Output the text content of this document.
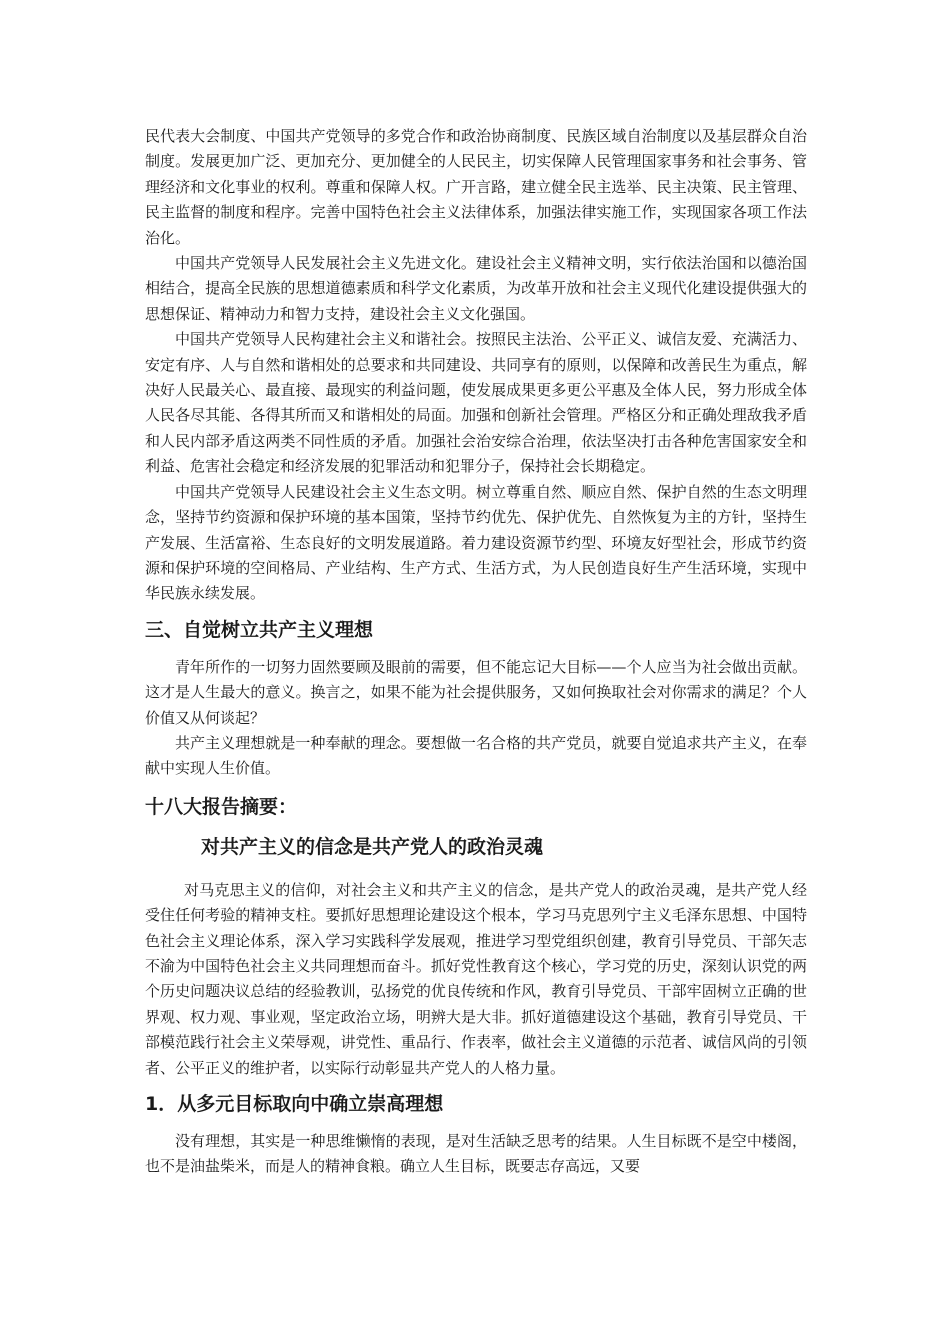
民代表大会制度、中国共产党领导的多党合作和政治协商制度、民族区域自治制度以及基层群众自治制度。发展更加广泛、更加充分、更加健全的人民民主，切实保障人民管理国家事务和社会事务、管理经济和文化事业的权利。尊重和保障人权。广开言路，建立健全民主选举、民主决策、民主管理、民主监督的制度和程序。完善中国特色社会主义法律体系，加强法律实施工作，实现国家各项工作法治化。

中国共产党领导人民发展社会主义先进文化。建设社会主义精神文明，实行依法治国和以德治国相结合，提高全民族的思想道德素质和科学文化素质，为改革开放和社会主义现代化建设提供强大的思想保证、精神动力和智力支持，建设社会主义文化强国。

中国共产党领导人民构建社会主义和谐社会。按照民主法治、公平正义、诚信友爱、充满活力、安定有序、人与自然和谐相处的总要求和共同建设、共同享有的原则，以保障和改善民生为重点，解决好人民最关心、最直接、最现实的利益问题，使发展成果更多更公平惠及全体人民，努力形成全体人民各尽其能、各得其所而又和谐相处的局面。加强和创新社会管理。严格区分和正确处理敌我矛盾和人民内部矛盾这两类不同性质的矛盾。加强社会治安综合治理，依法坚决打击各种危害国家安全和利益、危害社会稳定和经济发展的犯罪活动和犯罪分子，保持社会长期稳定。

中国共产党领导人民建设社会主义生态文明。树立尊重自然、顺应自然、保护自然的生态文明理念，坚持节约资源和保护环境的基本国策，坚持节约优先、保护优先、自然恢复为主的方针，坚持生产发展、生活富裕、生态良好的文明发展道路。着力建设资源节约型、环境友好型社会，形成节约资源和保护环境的空间格局、产业结构、生产方式、生活方式，为人民创造良好生产生活环境，实现中华民族永续发展。

三、自觉树立共产主义理想

青年所作的一切努力固然要顾及眼前的需要，但不能忘记大目标——个人应当为社会做出贡献。这才是人生最大的意义。换言之，如果不能为社会提供服务，又如何换取社会对你需求的满足？个人价值又从何谈起？

共产主义理想就是一种奉献的理念。要想做一名合格的共产党员，就要自觉追求共产主义，在奉献中实现人生价值。

十八大报告摘要：
对共产主义的信念是共产党人的政治灵魂

对马克思主义的信仰，对社会主义和共产主义的信念，是共产党人的政治灵魂，是共产党人经受住任何考验的精神支柱。要抓好思想理论建设这个根本，学习马克思列宁主义毛泽东思想、中国特色社会主义理论体系，深入学习实践科学发展观，推进学习型党组织创建，教育引导党员、干部矢志不渝为中国特色社会主义共同理想而奋斗。抓好党性教育这个核心，学习党的历史，深刻认识党的两个历史问题决议总结的经验教训，弘扬党的优良传统和作风，教育引导党员、干部牢固树立正确的世界观、权力观、事业观，坚定政治立场，明辨大是大非。抓好道德建设这个基础，教育引导党员、干部模范践行社会主义荣辱观，讲党性、重品行、作表率，做社会主义道德的示范者、诚信风尚的引领者、公平正义的维护者，以实际行动彰显共产党人的人格力量。

1．从多元目标取向中确立崇高理想

没有理想，其实是一种思维懒惰的表现，是对生活缺乏思考的结果。人生目标既不是空中楼阁，也不是油盐柴米，而是人的精神食粮。确立人生目标，既要志存高远，又要
